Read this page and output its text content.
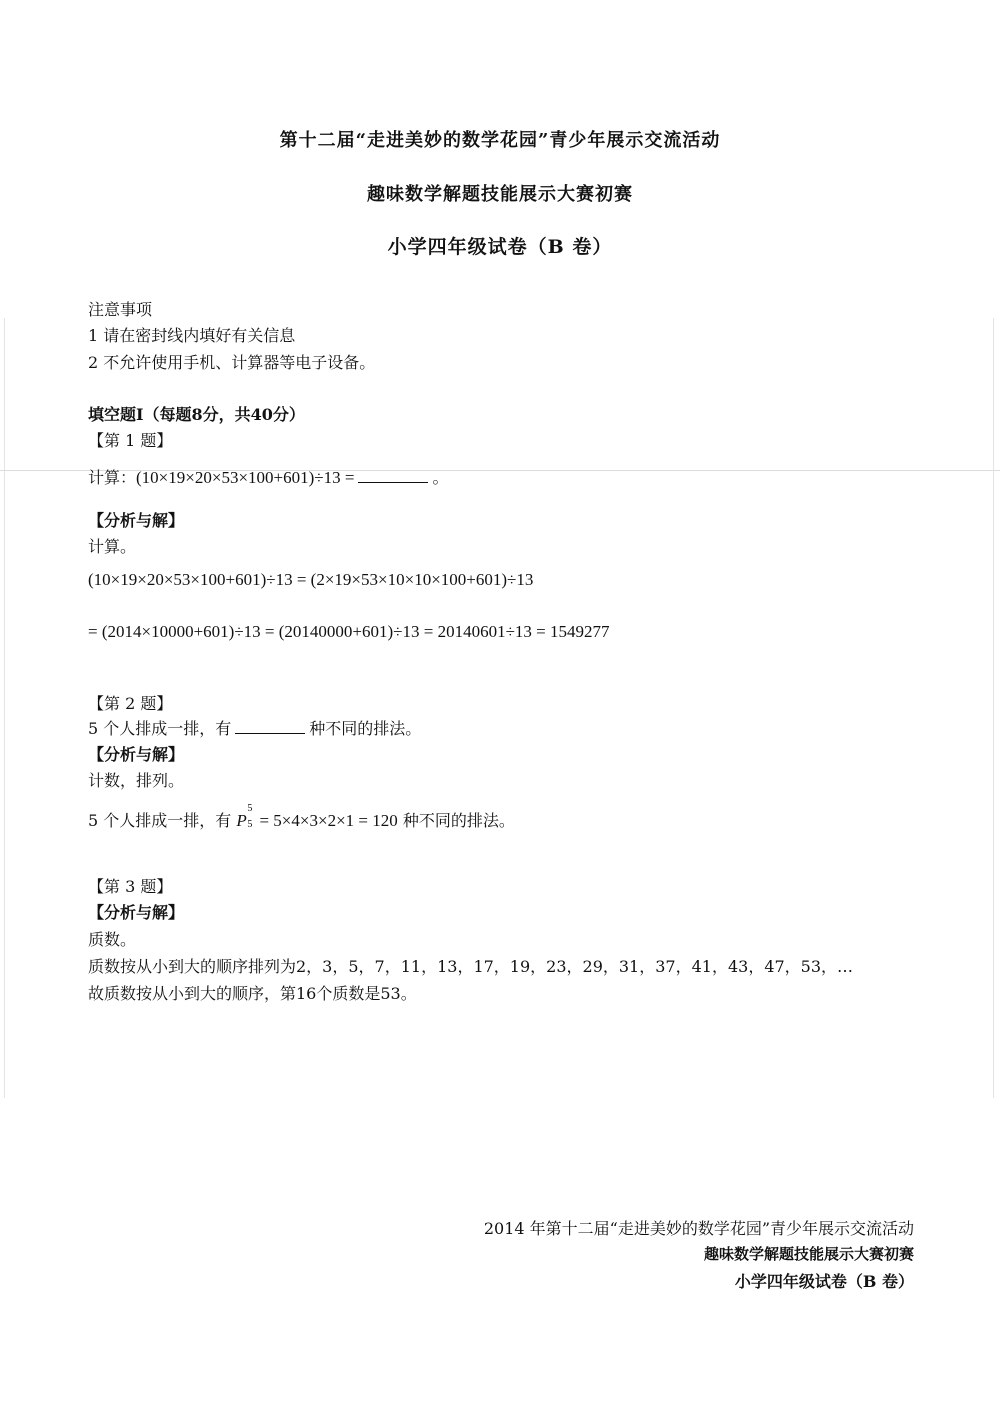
第十二届“走进美妙的数学花园”青少年展示交流活动
趣味数学解题技能展示大赛初赛
小学四年级试卷（B 卷）
注意事项
1 请在密封线内填好有关信息
2 不允许使用手机、计算器等电子设备。
填空题Ⅰ（每题8分，共40分）
【第 1 题】
计算：(10×19×20×53×100+601)÷13 =	。
【分析与解】
计算。
(10×19×20×53×100+601)÷13 = (2×19×53×10×10×100+601)÷13
= (2014×10000+601)÷13 = (20140000+601)÷13 = 20140601÷13 = 1549277
【第 2 题】
5 个人排成一排，有	种不同的排法。
【分析与解】
计数，排列。
5 个人排成一排，有 P
5
5 = 5×4×3×2×1 = 120 种不同的排法。
【第 3 题】
【分析与解】
质数。
质数按从小到大的顺序排列为2，3，5，7，11，13，17，19，23，29，31，37，41，43，47，53，…
故质数按从小到大的顺序，第16个质数是53。
2014 年第十二届“走进美妙的数学花园”青少年展示交流活动
趣味数学解题技能展示大赛初赛
小学四年级试卷（B 卷）
